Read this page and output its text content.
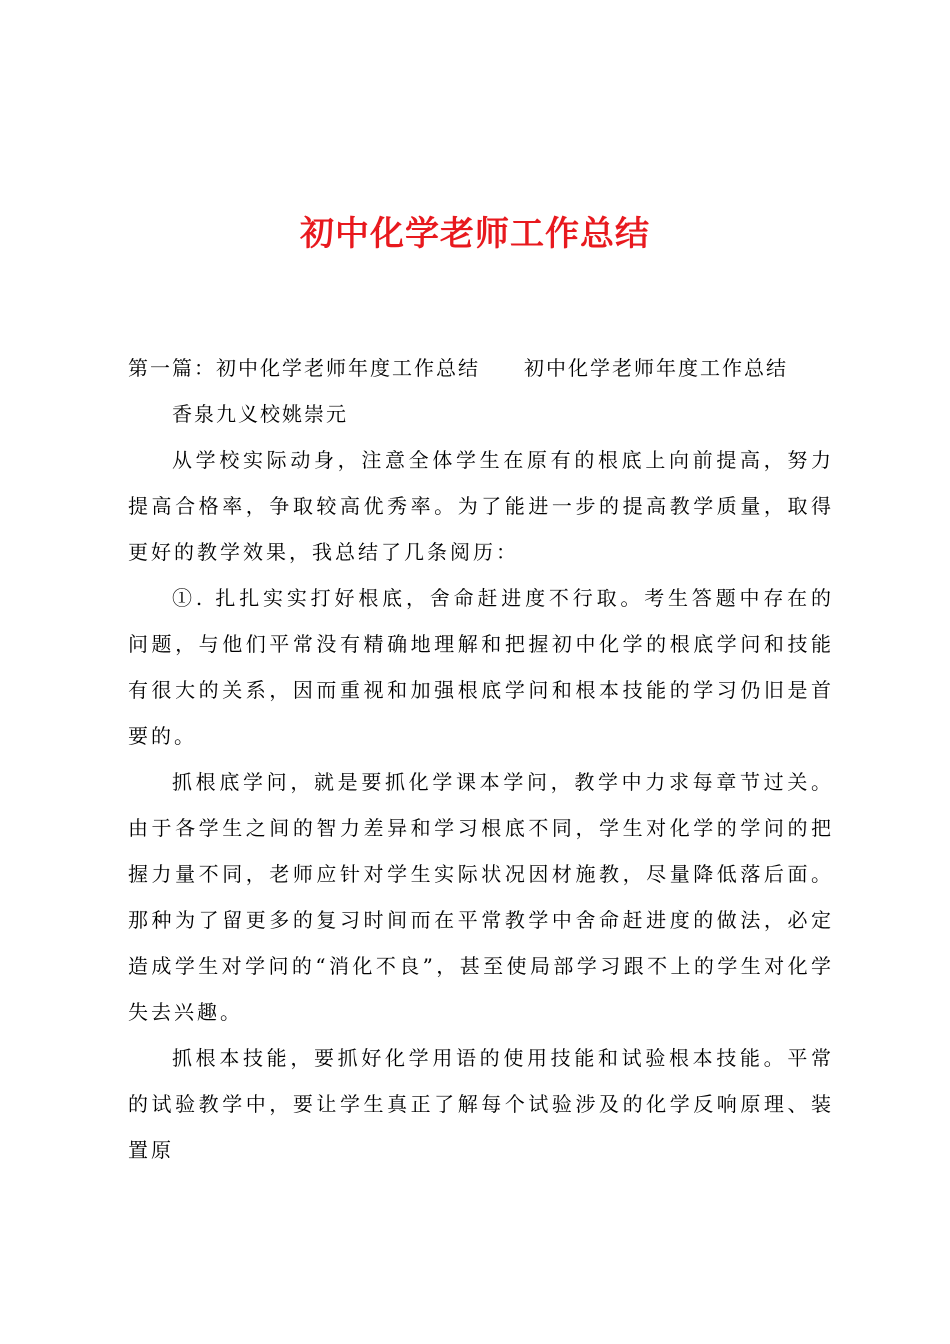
初中化学老师工作总结
第一篇：初中化学老师年度工作总结 初中化学老师年度工作总结

香泉九义校姚崇元

从学校实际动身，注意全体学生在原有的根底上向前提高，努力提高合格率，争取较高优秀率。为了能进一步的提高教学质量，取得更好的教学效果，我总结了几条阅历：

①. 扎扎实实打好根底，舍命赶进度不行取。考生答题中存在的问题，与他们平常没有精确地理解和把握初中化学的根底学问和技能有很大的关系，因而重视和加强根底学问和根本技能的学习仍旧是首要的。

抓根底学问，就是要抓化学课本学问，教学中力求每章节过关。由于各学生之间的智力差异和学习根底不同，学生对化学的学问的把握力量不同，老师应针对学生实际状况因材施教，尽量降低落后面。那种为了留更多的复习时间而在平常教学中舍命赶进度的做法，必定造成学生对学问的“消化不良”，甚至使局部学习跟不上的学生对化学失去兴趣。

抓根本技能，要抓好化学用语的使用技能和试验根本技能。平常的试验教学中，要让学生真正了解每个试验涉及的化学反响原理、装置原
